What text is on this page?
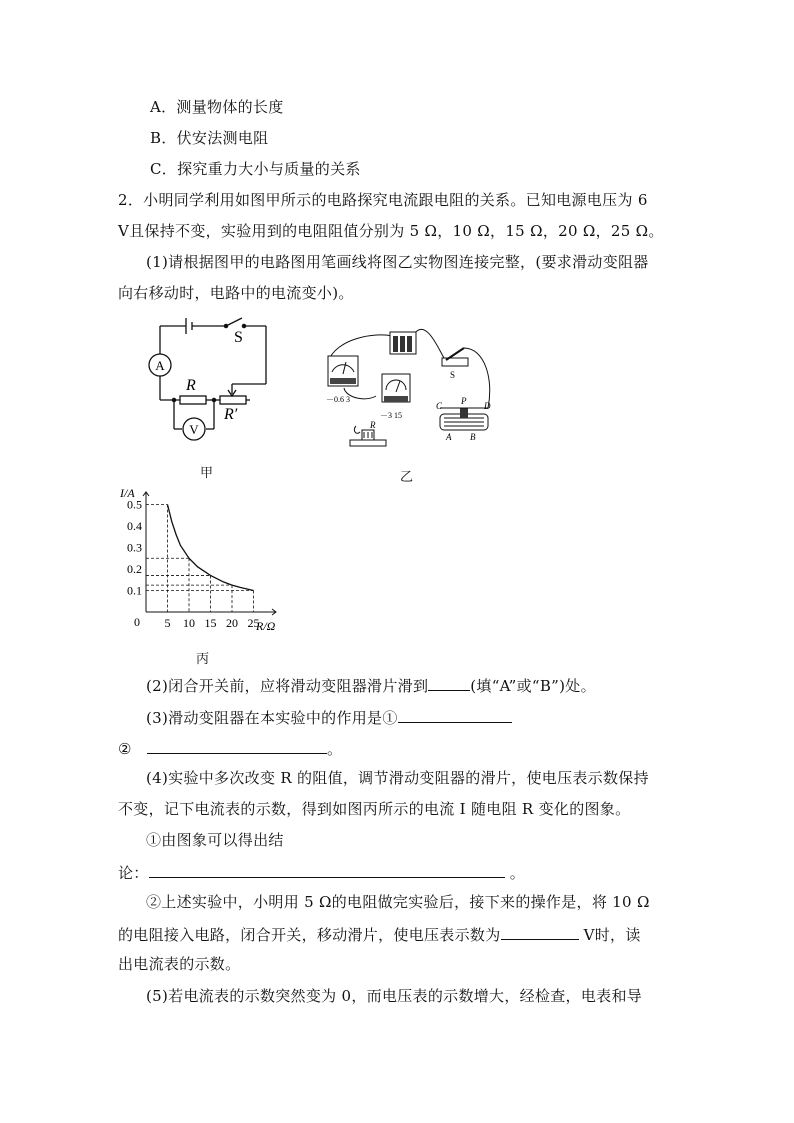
A．测量物体的长度
B．伏安法测电阻
C．探究重力大小与质量的关系
2．小明同学利用如图甲所示的电路探究电流跟电阻的关系。已知电源电压为 6
V且保持不变，实验用到的电阻阻值分别为 5 Ω，10 Ω，15 Ω，20 Ω，25 Ω。
(1)请根据图甲的电路图用笔画线将图乙实物图连接完整，(要求滑动变阻器
向右移动时，电路中的电流变小)。
A
V
S
R
R′
甲
－0.6 3
－3 15
S
R
C P D
A B
乙
5 10 15 20 25
0.1
0.2
0.3
0.4
0.5
I/A
R/Ω
0
丙
(2)闭合开关前，应将滑动变阻器滑片滑到	(填“A”或“B”)处。
(3)滑动变阻器在本实验中的作用是①
②	。
(4)实验中多次改变 R 的阻值，调节滑动变阻器的滑片，使电压表示数保持
不变，记下电流表的示数，得到如图丙所示的电流 I 随电阻 R 变化的图象。
①由图象可以得出结
论：	。
②上述实验中，小明用 5 Ω的电阻做完实验后，接下来的操作是，将 10 Ω
的电阻接入电路，闭合开关，移动滑片，使电压表示数为	V时，读
出电流表的示数。
(5)若电流表的示数突然变为 0，而电压表的示数增大，经检查，电表和导
